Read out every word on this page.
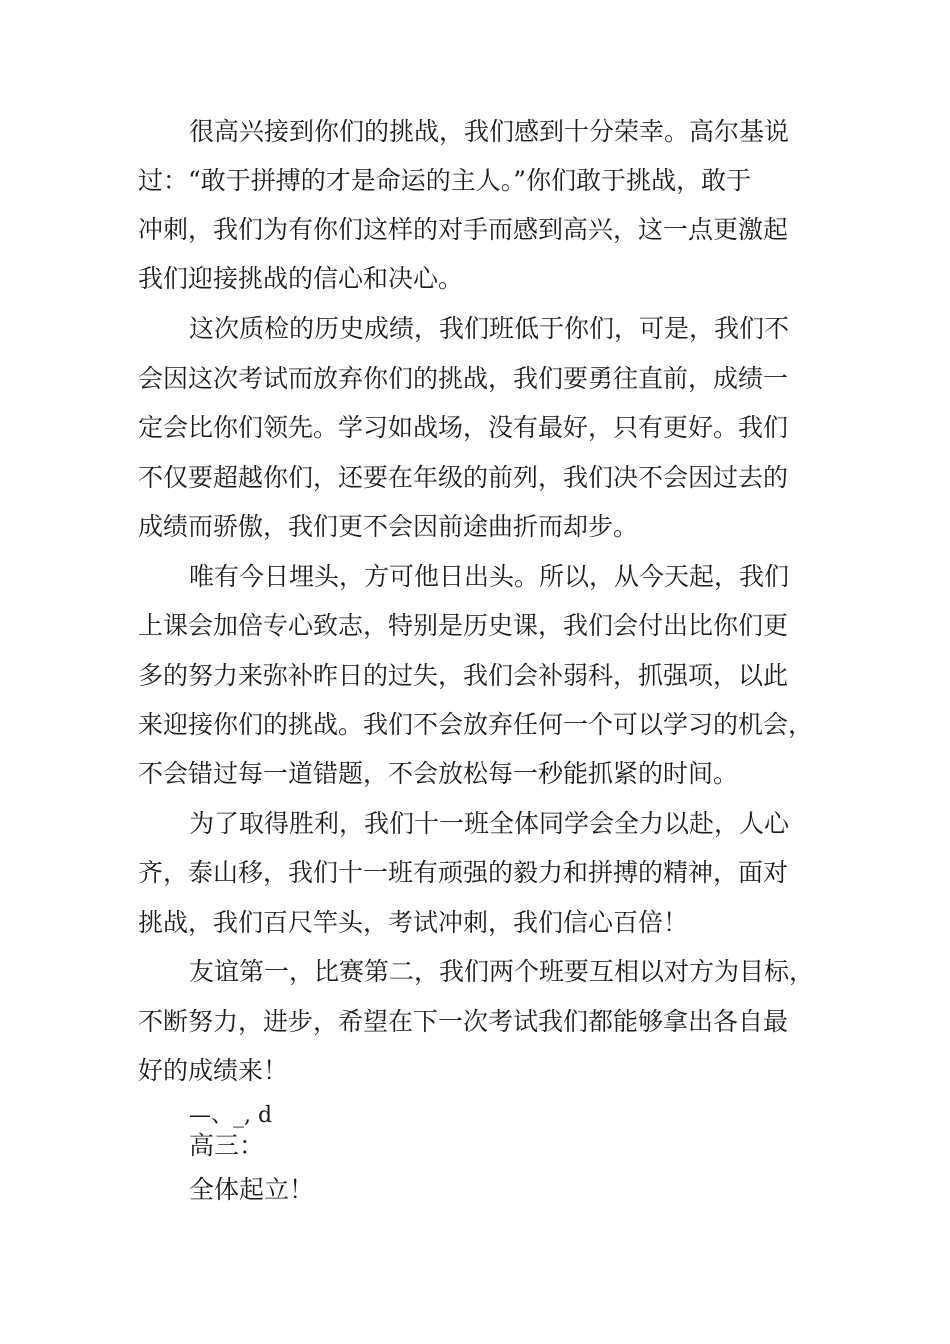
很高兴接到你们的挑战，我们感到十分荣幸。高尔基说
过：“敢于拼搏的才是命运的主人。”你们敢于挑战，敢于
冲刺，我们为有你们这样的对手而感到高兴，这一点更激起
我们迎接挑战的信心和决心。
这次质检的历史成绩，我们班低于你们，可是，我们不
会因这次考试而放弃你们的挑战，我们要勇往直前，成绩一
定会比你们领先。学习如战场，没有最好，只有更好。我们
不仅要超越你们，还要在年级的前列，我们决不会因过去的
成绩而骄傲，我们更不会因前途曲折而却步。
唯有今日埋头，方可他日出头。所以，从今天起，我们
上课会加倍专心致志，特别是历史课，我们会付出比你们更
多的努力来弥补昨日的过失，我们会补弱科，抓强项，以此
来迎接你们的挑战。我们不会放弃任何一个可以学习的机会，
不会错过每一道错题，不会放松每一秒能抓紧的时间。
为了取得胜利，我们十一班全体同学会全力以赴，人心
齐，泰山移，我们十一班有顽强的毅力和拼搏的精神，面对
挑战，我们百尺竿头，考试冲刺，我们信心百倍！
友谊第一，比赛第二，我们两个班要互相以对方为目标，
不断努力，进步，希望在下一次考试我们都能够拿出各自最
好的成绩来！
—、_, d
高三：
全体起立！
